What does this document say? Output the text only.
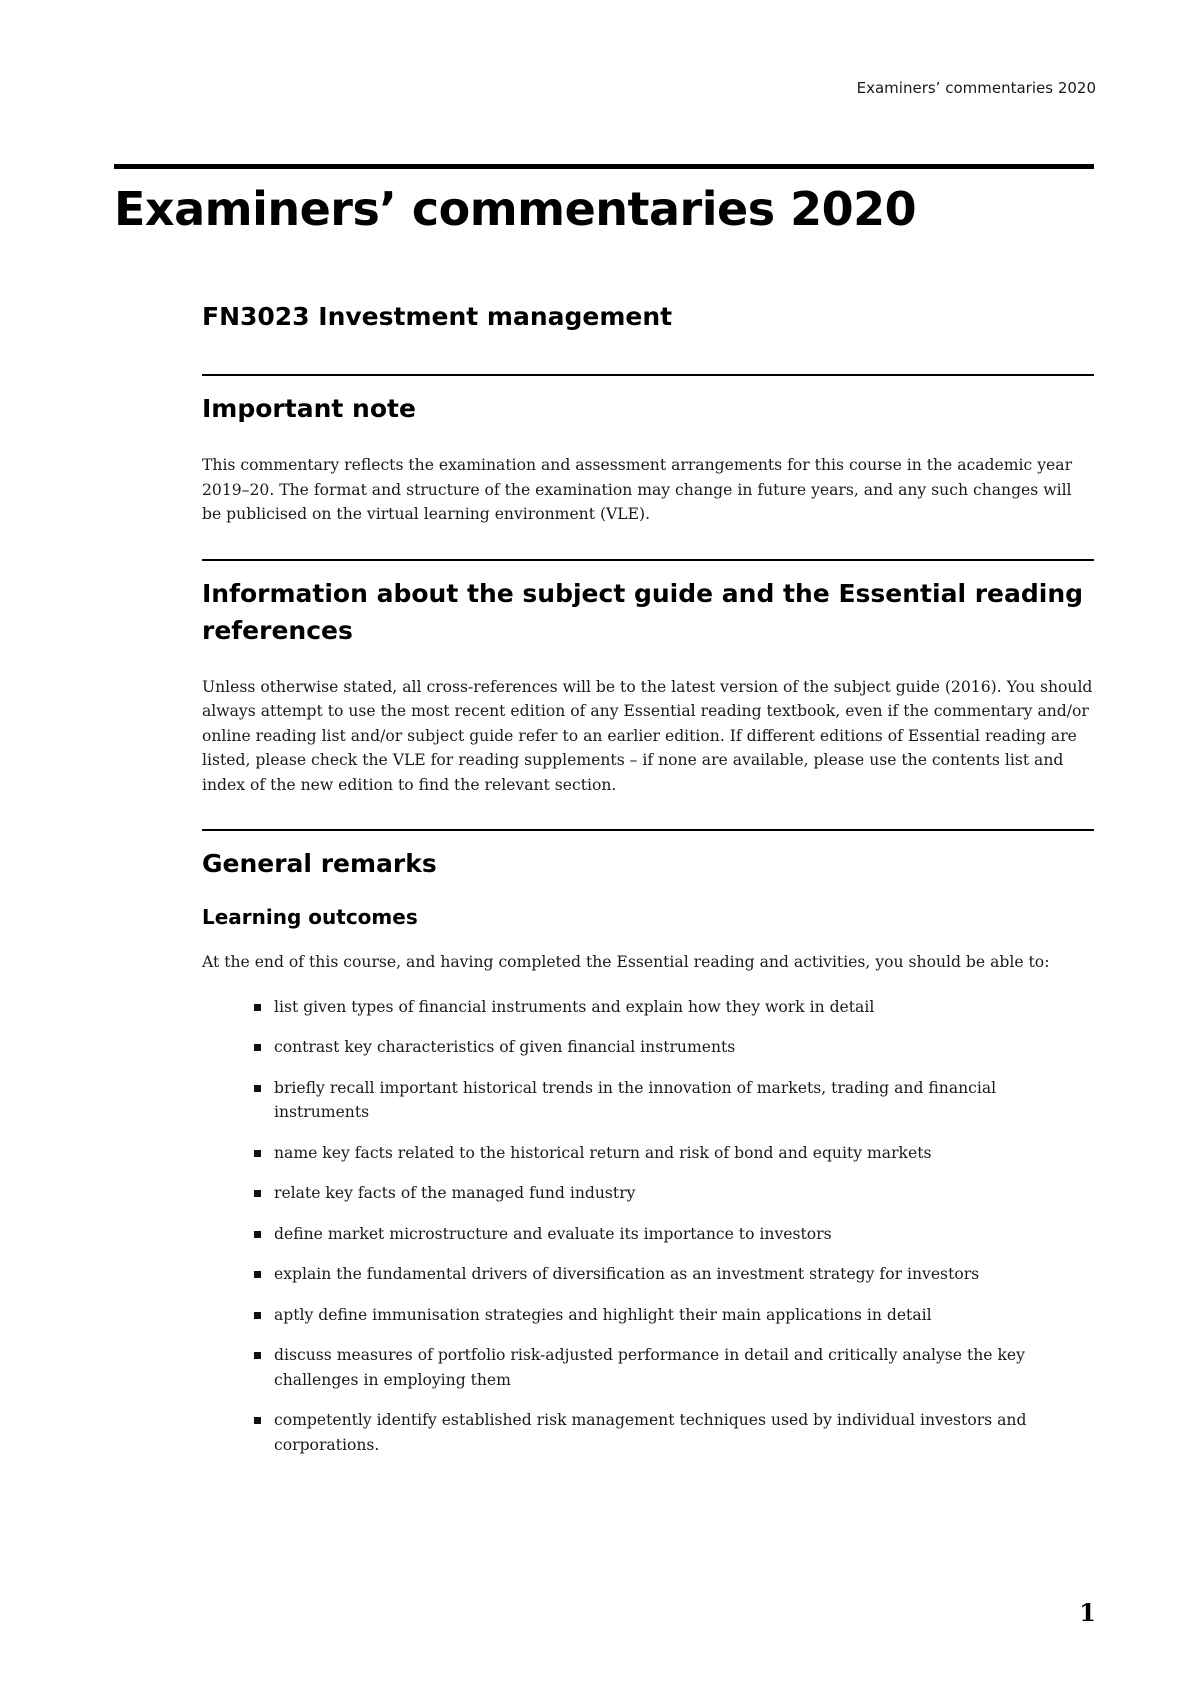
Examiners’ commentaries 2020
Examiners’ commentaries 2020
FN3023 Investment management
Important note

This commentary reflects the examination and assessment arrangements for this course in the academic year 2019–20. The format and structure of the examination may change in future years, and any such changes will be publicised on the virtual learning environment (VLE).

Information about the subject guide and the Essential reading references

Unless otherwise stated, all cross-references will be to the latest version of the subject guide (2016). You should always attempt to use the most recent edition of any Essential reading textbook, even if the commentary and/or online reading list and/or subject guide refer to an earlier edition. If different editions of Essential reading are listed, please check the VLE for reading supplements – if none are available, please use the contents list and index of the new edition to find the relevant section.

General remarks
Learning outcomes

At the end of this course, and having completed the Essential reading and activities, you should be able to:

list given types of financial instruments and explain how they work in detail
contrast key characteristics of given financial instruments
briefly recall important historical trends in the innovation of markets, trading and financial instruments
name key facts related to the historical return and risk of bond and equity markets
relate key facts of the managed fund industry
define market microstructure and evaluate its importance to investors
explain the fundamental drivers of diversification as an investment strategy for investors
aptly define immunisation strategies and highlight their main applications in detail
discuss measures of portfolio risk-adjusted performance in detail and critically analyse the key challenges in employing them
competently identify established risk management techniques used by individual investors and corporations.
1
